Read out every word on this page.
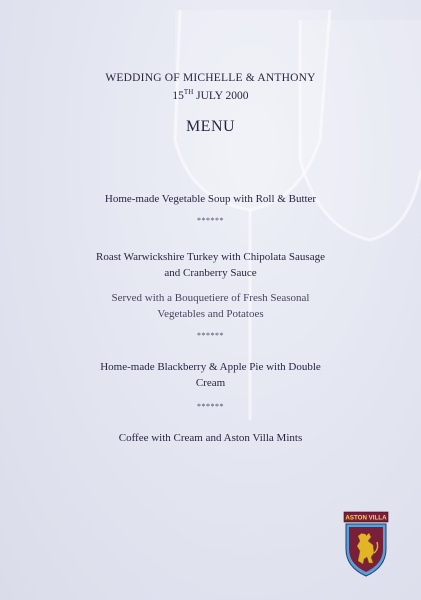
WEDDING OF MICHELLE & ANTHONY
15TH JULY 2000
MENU
Home-made Vegetable Soup with Roll & Butter
******
Roast Warwickshire Turkey with Chipolata Sausage
and Cranberry Sauce
Served with a Bouquetiere of Fresh Seasonal
Vegetables and Potatoes
******
Home-made Blackberry & Apple Pie with Double
Cream
******
Coffee with Cream and Aston Villa Mints
ASTON VILLA
